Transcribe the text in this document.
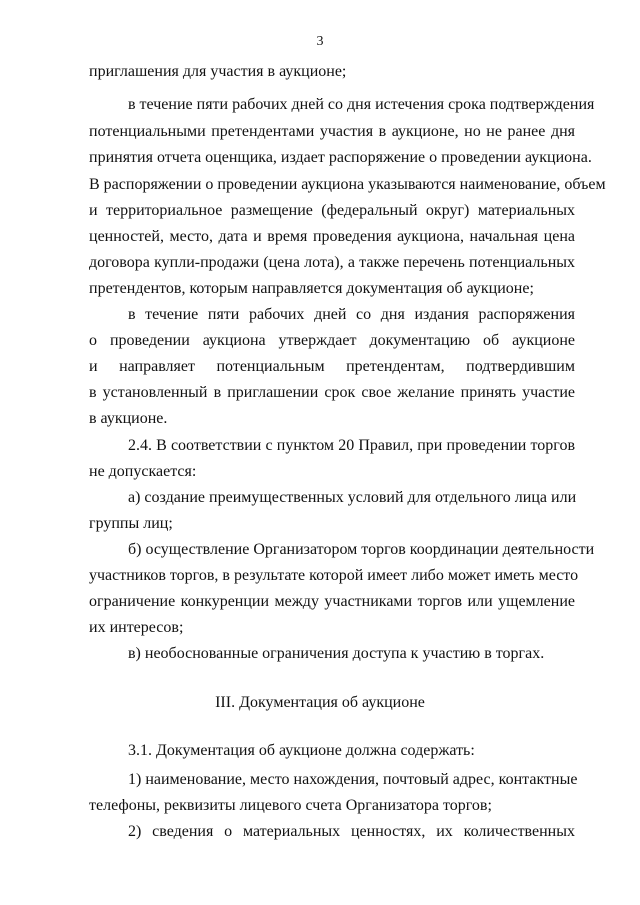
3
приглашения для участия в аукционе;
в течение пяти рабочих дней со дня истечения срока подтверждения
потенциальными претендентами участия в аукционе, но не ранее дня
принятия отчета оценщика, издает распоряжение о проведении аукциона.
В распоряжении о проведении аукциона указываются наименование, объем
и территориальное размещение (федеральный округ) материальных
ценностей, место, дата и время проведения аукциона, начальная цена
договора купли-продажи (цена лота), а также перечень потенциальных
претендентов, которым направляется документация об аукционе;
в течение пяти рабочих дней со дня издания распоряжения
о проведении аукциона утверждает документацию об аукционе
и направляет потенциальным претендентам, подтвердившим
в установленный в приглашении срок свое желание принять участие
в аукционе.
2.4. В соответствии с пунктом 20 Правил, при проведении торгов
не допускается:
а) создание преимущественных условий для отдельного лица или
группы лиц;
б) осуществление Организатором торгов координации деятельности
участников торгов, в результате которой имеет либо может иметь место
ограничение конкуренции между участниками торгов или ущемление
их интересов;
в) необоснованные ограничения доступа к участию в торгах.
III. Документация об аукционе
3.1. Документация об аукционе должна содержать:
1) наименование, место нахождения, почтовый адрес, контактные
телефоны, реквизиты лицевого счета Организатора торгов;
2) сведения о материальных ценностях, их количественных
